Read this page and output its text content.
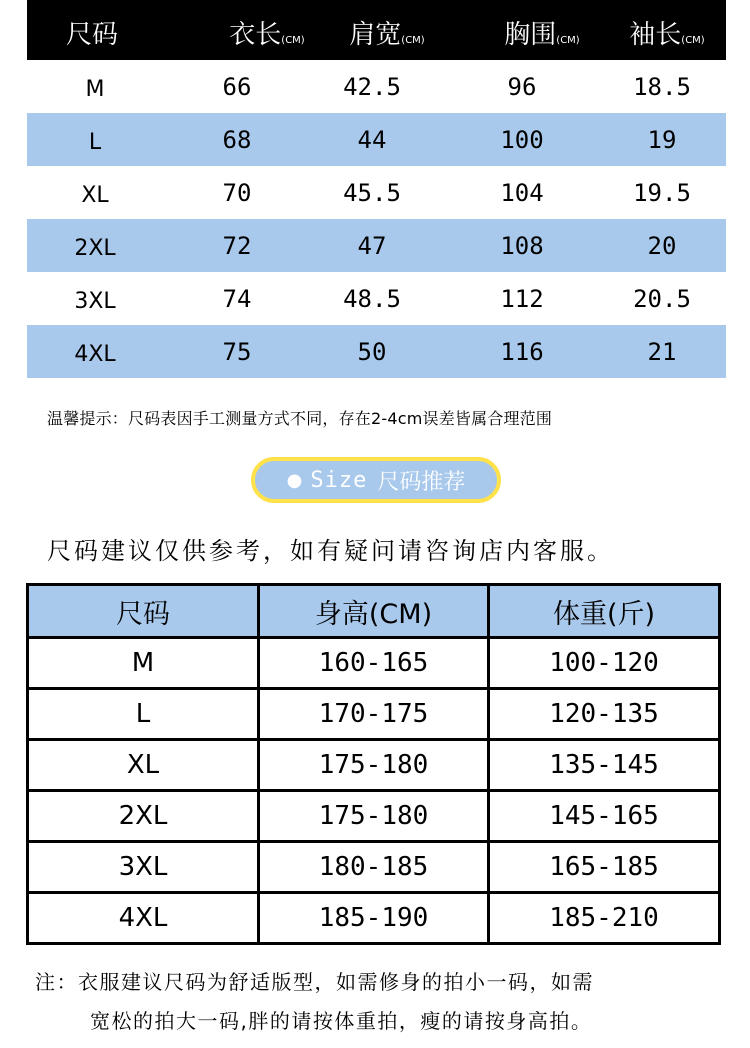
尺码	衣长(CM)	肩宽(CM)	胸围(CM)	袖长(CM)
M	66	42.5	96	18.5
L	68	44	100	19
XL	70	45.5	104	19.5
2XL	72	47	108	20
3XL	74	48.5	112	20.5
4XL	75	50	116	21
温馨提示：尺码表因手工测量方式不同，存在2-4cm误差皆属合理范围
● Size 尺码推荐
尺码建议仅供参考，如有疑问请咨询店内客服。
尺码	身高(CM)	体重(斤)
M	160-165	100-120
L	170-175	120-135
XL	175-180	135-145
2XL	175-180	145-165
3XL	180-185	165-185
4XL	185-190	185-210
注：衣服建议尺码为舒适版型，如需修身的拍小一码，如需
宽松的拍大一码,胖的请按体重拍，瘦的请按身高拍。
